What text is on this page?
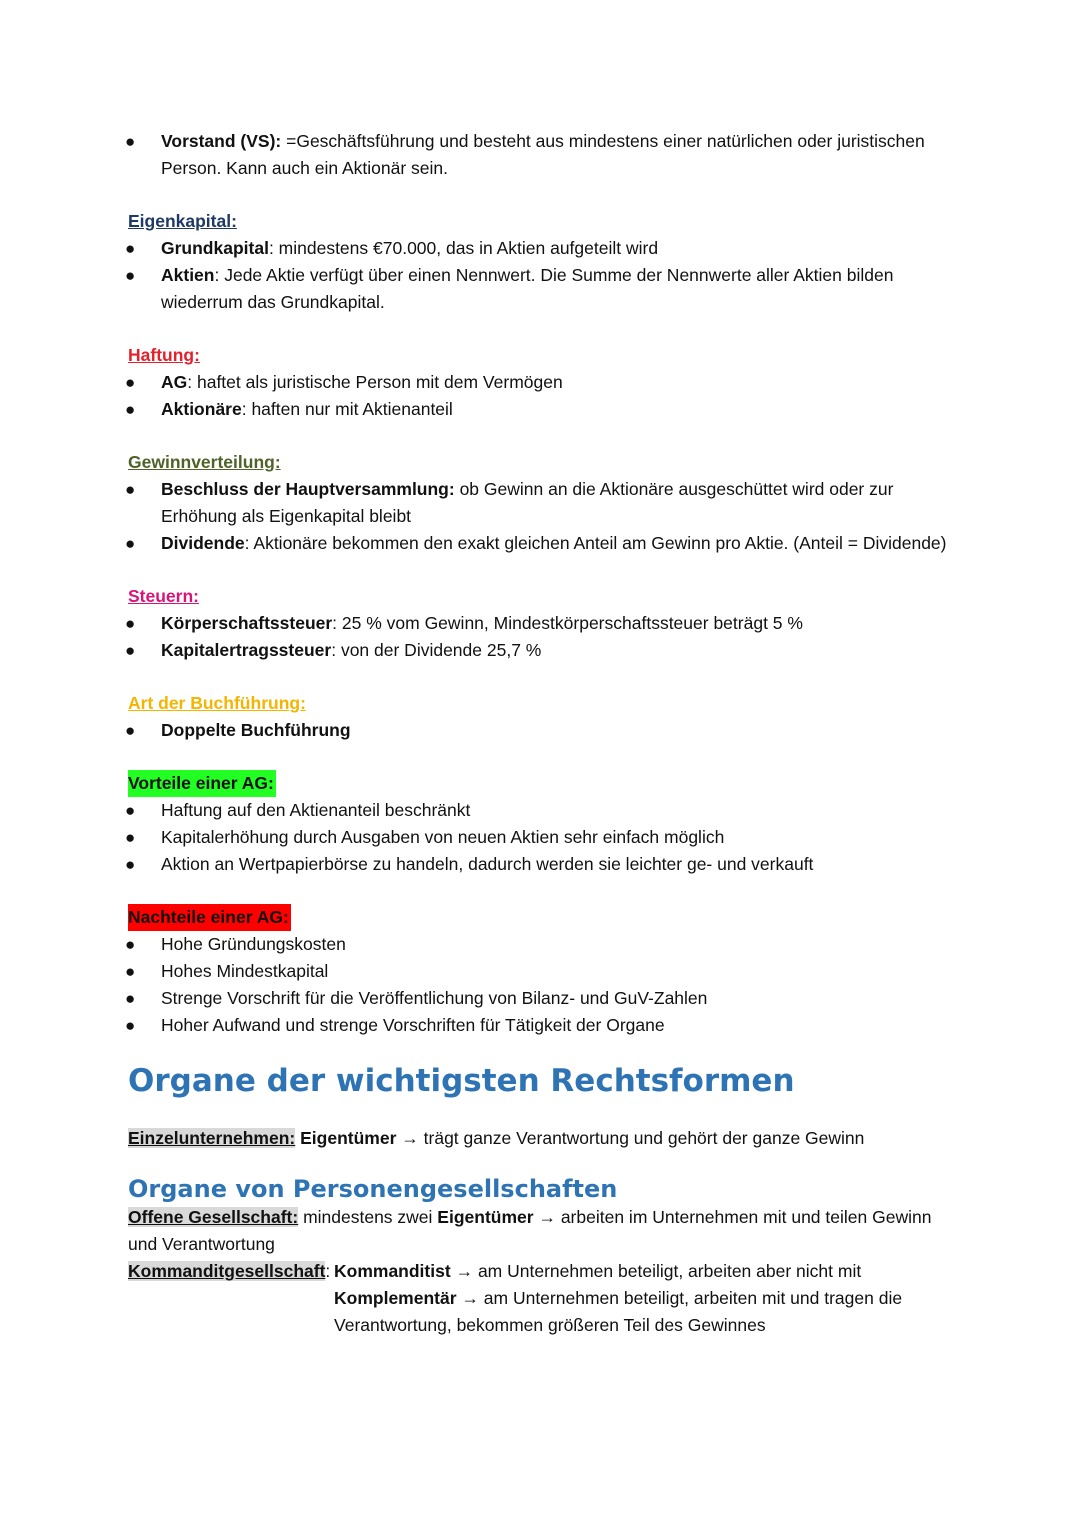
● Vorstand (VS): =Geschäftsführung und besteht aus mindestens einer natürlichen oder juristischen Person. Kann auch ein Aktionär sein.
Eigenkapital:
● Grundkapital: mindestens €70.000, das in Aktien aufgeteilt wird
● Aktien: Jede Aktie verfügt über einen Nennwert. Die Summe der Nennwerte aller Aktien bilden wiederrum das Grundkapital.
Haftung:
● AG: haftet als juristische Person mit dem Vermögen
● Aktionäre: haften nur mit Aktienanteil
Gewinnverteilung:
● Beschluss der Hauptversammlung: ob Gewinn an die Aktionäre ausgeschüttet wird oder zur Erhöhung als Eigenkapital bleibt
● Dividende: Aktionäre bekommen den exakt gleichen Anteil am Gewinn pro Aktie. (Anteil = Dividende)
Steuern:
● Körperschaftssteuer: 25 % vom Gewinn, Mindestkörperschaftssteuer beträgt 5 %
● Kapitalertragssteuer: von der Dividende 25,7 %
Art der Buchführung:
● Doppelte Buchführung
Vorteile einer AG:
● Haftung auf den Aktienanteil beschränkt
● Kapitalerhöhung durch Ausgaben von neuen Aktien sehr einfach möglich
● Aktion an Wertpapierbörse zu handeln, dadurch werden sie leichter ge- und verkauft
Nachteile einer AG:
● Hohe Gründungskosten
● Hohes Mindestkapital
● Strenge Vorschrift für die Veröffentlichung von Bilanz- und GuV-Zahlen
● Hoher Aufwand und strenge Vorschriften für Tätigkeit der Organe
Organe der wichtigsten Rechtsformen
Einzelunternehmen: Eigentümer → trägt ganze Verantwortung und gehört der ganze Gewinn
Organe von Personengesellschaften
Offene Gesellschaft: mindestens zwei Eigentümer → arbeiten im Unternehmen mit und teilen Gewinn und Verantwortung
Kommanditgesellschaft: Kommanditist → am Unternehmen beteiligt, arbeiten aber nicht mit
Komplementär → am Unternehmen beteiligt, arbeiten mit und tragen die Verantwortung, bekommen größeren Teil des Gewinnes
